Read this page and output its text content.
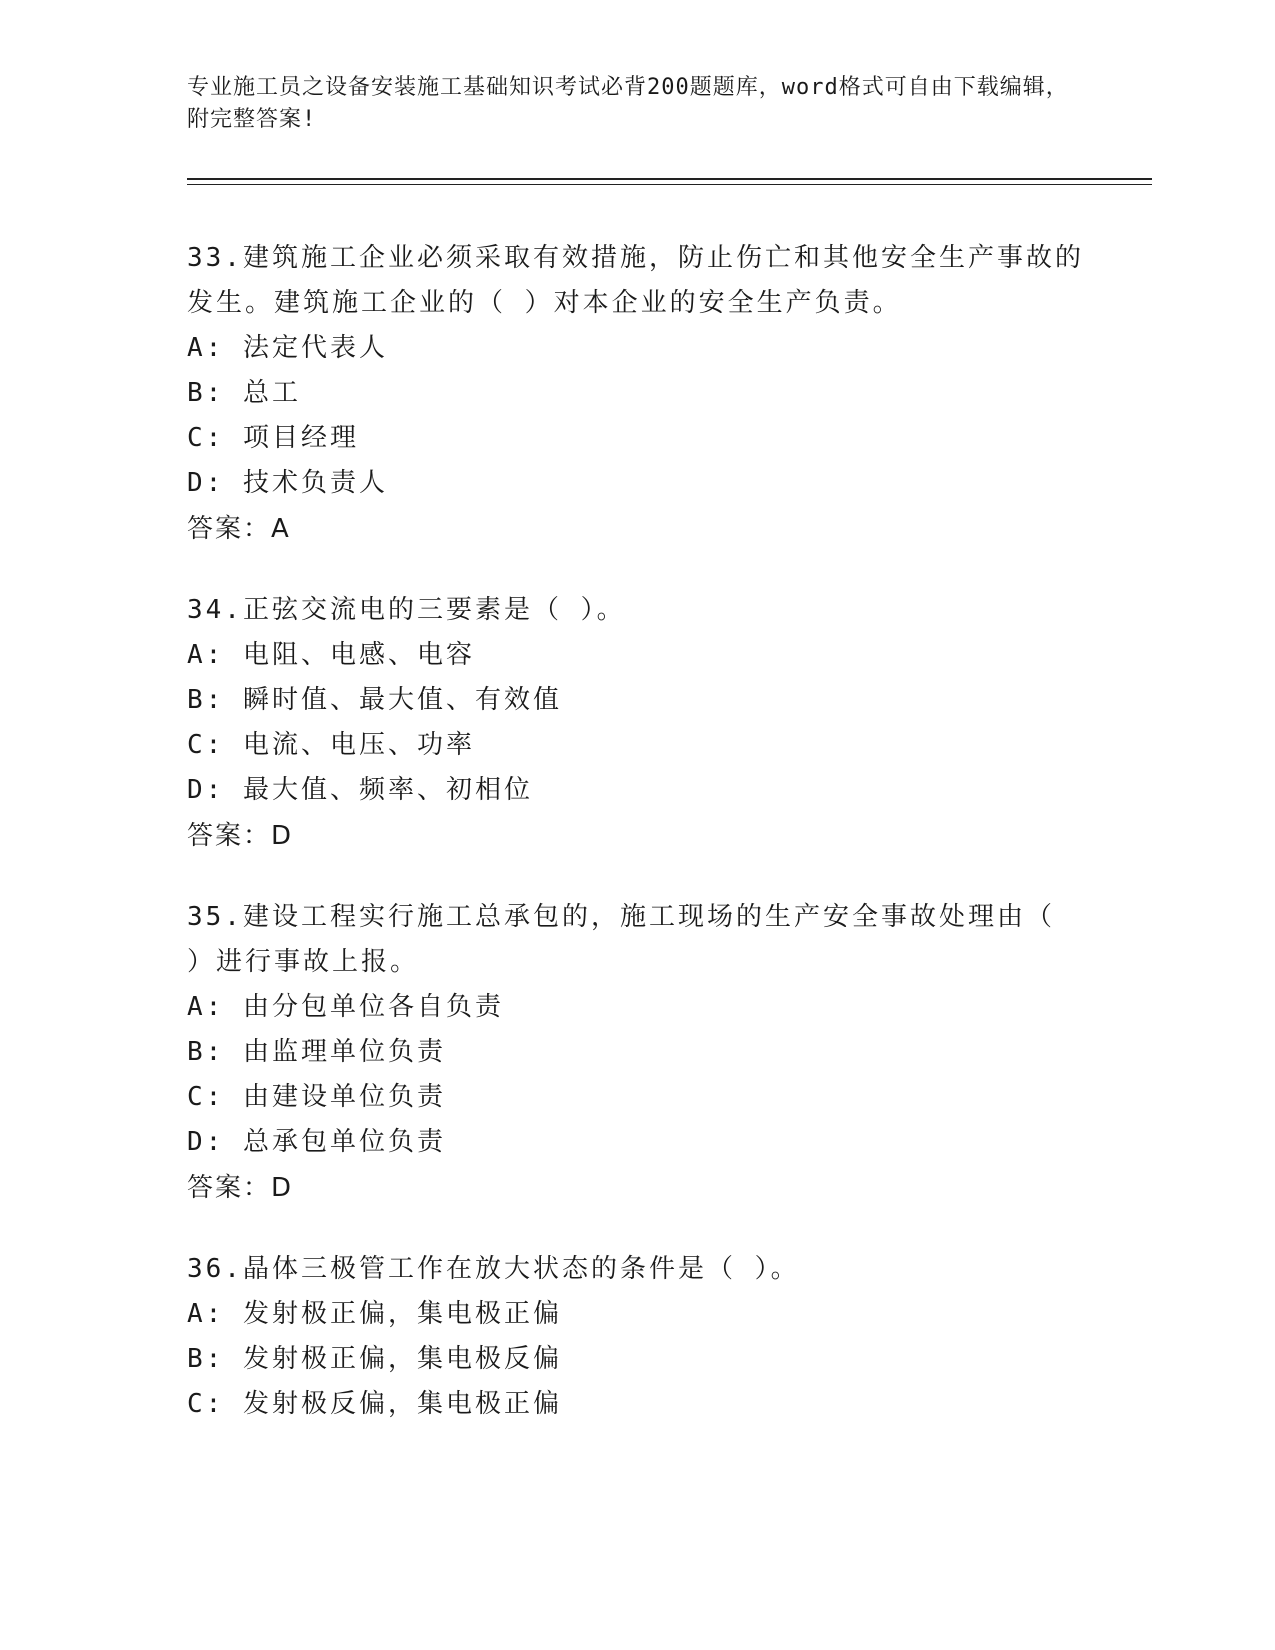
专业施工员之设备安装施工基础知识考试必背200题题库，word格式可自由下载编辑，附完整答案!

33.建筑施工企业必须采取有效措施，防止伤亡和其他安全生产事故的发生。建筑施工企业的（ ）对本企业的安全生产负责。

A: 法定代表人

B: 总工

C: 项目经理

D: 技术负责人

答案：A

34.正弦交流电的三要素是（ ）。

A: 电阻、电感、电容

B: 瞬时值、最大值、有效值

C: 电流、电压、功率

D: 最大值、频率、初相位

答案：D

35.建设工程实行施工总承包的，施工现场的生产安全事故处理由（ ）进行事故上报。

A: 由分包单位各自负责

B: 由监理单位负责

C: 由建设单位负责

D: 总承包单位负责

答案：D

36.晶体三极管工作在放大状态的条件是（ ）。

A: 发射极正偏，集电极正偏

B: 发射极正偏，集电极反偏

C: 发射极反偏，集电极正偏
